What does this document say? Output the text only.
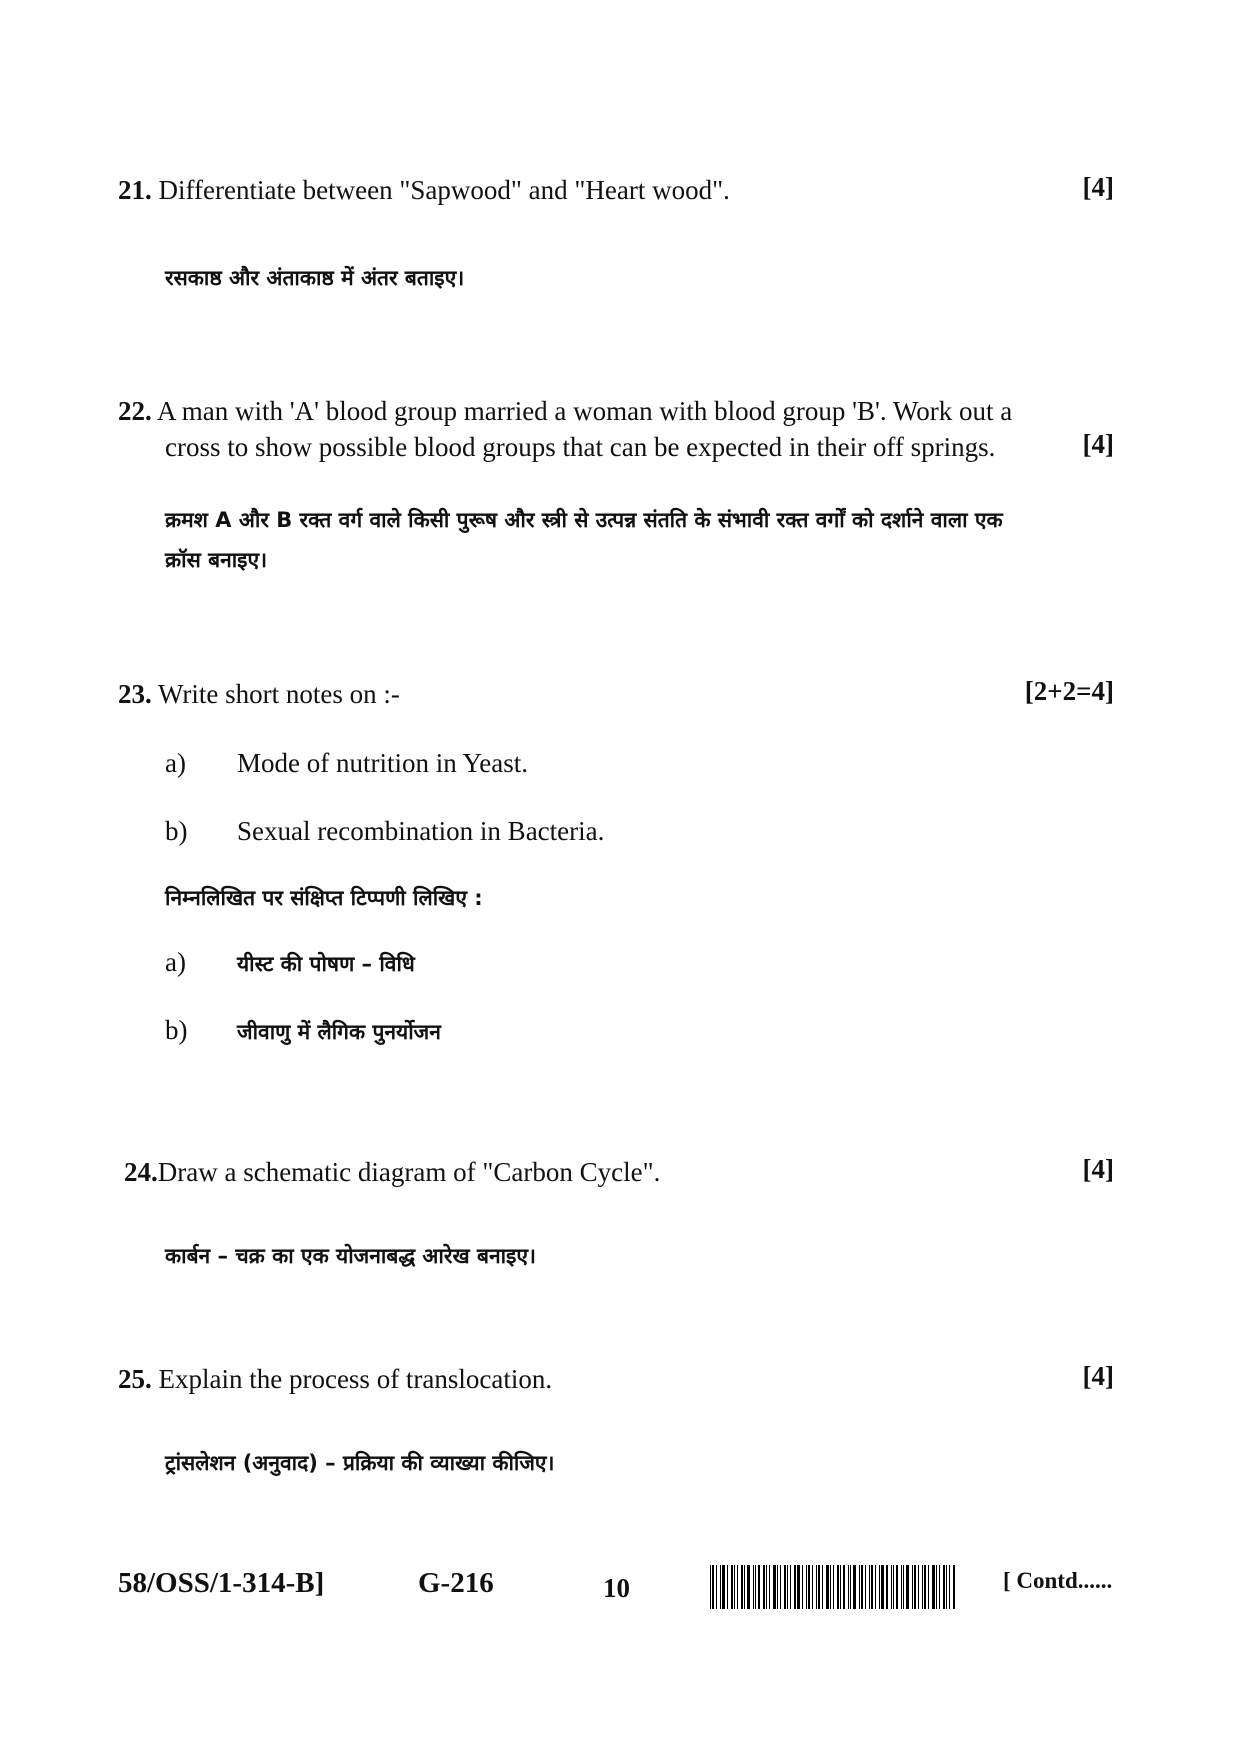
21. Differentiate between "Sapwood" and "Heart wood".	[4]
रसकाष्ठ और अंताकाष्ठ में अंतर बताइए।
22. A man with 'A' blood group married a woman with blood group 'B'. Work out a
cross to show possible blood groups that can be expected in their off springs.	[4]
क्रमश A और B रक्त वर्ग वाले किसी पुरूष और स्त्री से उत्पन्न संतति के संभावी रक्त वर्गों को दर्शाने वाला एक
क्रॉस बनाइए।
23. Write short notes on :-	[2+2=4]
a)	Mode of nutrition in Yeast.
b)	Sexual recombination in Bacteria.
निम्नलिखित पर संक्षिप्त टिप्पणी लिखिए :
a)	यीस्ट की पोषण – विधि
b)	जीवाणु में लैगिक पुनर्योजन
24.Draw a schematic diagram of "Carbon Cycle".	[4]
कार्बन – चक्र का एक योजनाबद्ध आरेख बनाइए।
25. Explain the process of translocation.	[4]
ट्रांसलेशन (अनुवाद) – प्रक्रिया की व्याख्या कीजिए।
58/OSS/1-314-B]	G-216	10	[ Contd......
